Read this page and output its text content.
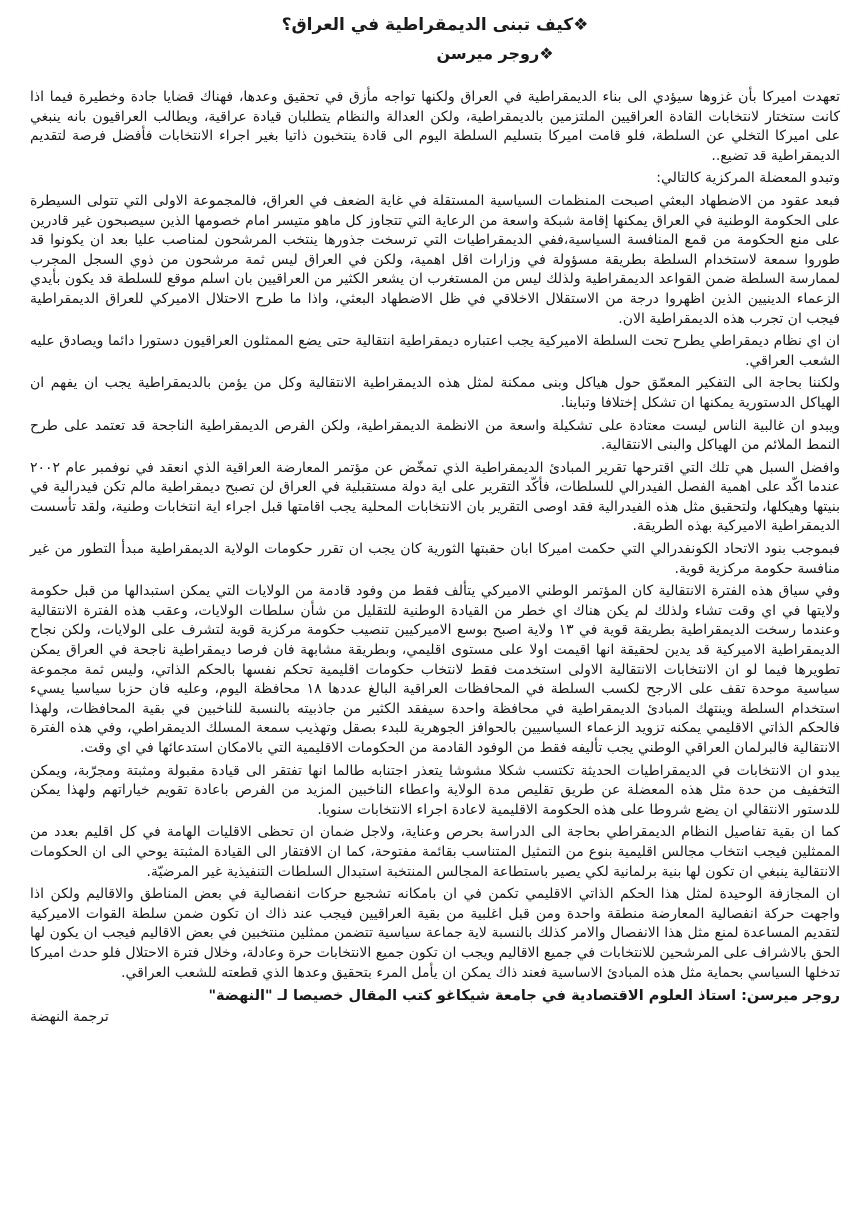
❖كيف تبنى الديمقراطية في العراق؟

❖روجر ميرسن

تعهدت اميركا بأن غزوها سيؤدي الى بناء الديمقراطية في العراق ولكنها تواجه مأزق في تحقيق وعدها، فهناك قضايا جادة وخطيرة فيما اذا كانت ستختار لانتخابات القادة العراقيين الملتزمين بالديمقراطية، ولكن العدالة والنظام يتطلبان قيادة عراقية، ويطالب العراقيون بانه ينبغي على اميركا التخلي عن السلطة، فلو قامت اميركا بتسليم السلطة اليوم الى قادة ينتخبون ذاتيا بغير اجراء الانتخابات فأفضل فرصة لتقديم الديمقراطية قد تضيع..

وتبدو المعضلة المركزية كالتالي:

فبعد عقود من الاضطهاد البعثي اصبحت المنظمات السياسية المستقلة في غاية الضعف في العراق، فالمجموعة الاولى التي تتولى السيطرة على الحكومة الوطنية في العراق يمكنها إقامة شبكة واسعة من الرعاية التي تتجاوز كل ماهو متيسر امام خصومها الذين سيصبحون غير قادرين على منع الحكومة من قمع المنافسة السياسية،ففي الديمقراطيات التي ترسخت جذورها ينتخب المرشحون لمناصب عليا بعد ان يكونوا قد طوروا سمعة لاستخدام السلطة بطريقة مسؤولة في وزارات اقل اهمية، ولكن في العراق ليس ثمة مرشحون من ذوي السجل المجرب لممارسة السلطة ضمن القواعد الديمقراطية ولذلك ليس من المستغرب ان يشعر الكثير من العراقيين بان اسلم موقع للسلطة قد يكون بأيدي الزعماء الدينيين الذين اظهروا درجة من الاستقلال الاخلاقي في ظل الاضطهاد البعثي، واذا ما طرح الاحتلال الاميركي للعراق الديمقراطية فيجب ان تجرب هذه الديمقراطية الان.

ان اي نظام ديمقراطي يطرح تحت السلطة الاميركية يجب اعتباره ديمقراطية انتقالية حتى يضع الممثلون العراقيون دستورا دائما ويصادق عليه الشعب العراقي.

ولكننا بحاجة الى التفكير المعمّق حول هياكل وبنى ممكنة لمثل هذه الديمقراطية الانتقالية وكل من يؤمن بالديمقراطية يجب ان يفهم ان الهياكل الدستورية يمكنها ان تشكل إختلافا وتباينا.

ويبدو ان غالبية الناس ليست معتادة على تشكيلة واسعة من الانظمة الديمقراطية، ولكن الفرص الديمقراطية الناجحة قد تعتمد على طرح النمط الملائم من الهياكل والبنى الانتقالية.

وافضل السبل هي تلك التي اقترحها تقرير المبادئ الديمقراطية الذي تمخّض عن مؤتمر المعارضة العراقية الذي انعقد في نوفمبر عام ٢٠٠٢ عندما اكّد على اهمية الفصل الفيدرالي للسلطات، فأكّد التقرير على اية دولة مستقبلية في العراق لن تصبح ديمقراطية مالم تكن فيدرالية في بنيتها وهيكلها، ولتحقيق مثل هذه الفيدرالية فقد اوصى التقرير بان الانتخابات المحلية يجب اقامتها قبل اجراء اية انتخابات وطنية، ولقد تأسست الديمقراطية الاميركية بهذه الطريقة.

فبموجب بنود الاتحاد الكونفدرالي التي حكمت اميركا ابان حقبتها الثورية كان يجب ان تقرر حكومات الولاية الديمقراطية مبدأ التطور من غير منافسة حكومة مركزية قوية.

وفي سياق هذه الفترة الانتقالية كان المؤتمر الوطني الاميركي يتألف فقط من وفود قادمة من الولايات التي يمكن استبدالها من قبل حكومة ولايتها في اي وقت تشاء ولذلك لم يكن هناك اي خطر من القيادة الوطنية للتقليل من شأن سلطات الولايات، وعقب هذه الفترة الانتقالية وعندما رسخت الديمقراطية بطريقة قوية في ١٣ ولاية اصبح بوسع الاميركيين تنصيب حكومة مركزية قوية لتشرف على الولايات، ولكن نجاح الديمقراطية الاميركية قد يدين لحقيقة انها اقيمت اولا على مستوى اقليمي، وبطريقة مشابهة فان فرصا ديمقراطية ناجحة في العراق يمكن تطويرها فيما لو ان الانتخابات الانتقالية الاولى استخدمت فقط لانتخاب حكومات اقليمية تحكم نفسها بالحكم الذاتي، وليس ثمة مجموعة سياسية موحدة تقف على الارجح لكسب السلطة في المحافظات العراقية البالغ عددها ١٨ محافظة اليوم، وعليه فان حزبا سياسيا يسيء استخدام السلطة وينتهك المبادئ الديمقراطية في محافظة واحدة سيفقد الكثير من جاذبيته بالنسبة للناخبين في بقية المحافظات، ولهذا فالحكم الذاتي الاقليمي يمكنه تزويد الزعماء السياسيين بالحوافز الجوهرية للبدء بصقل وتهذيب سمعة المسلك الديمقراطي، وفي هذه الفترة الانتقالية فالبرلمان العراقي الوطني يجب تأليفه فقط من الوفود القادمة من الحكومات الاقليمية التي بالامكان استدعائها في اي وقت.

يبدو ان الانتخابات في الديمقراطيات الحديثة تكتسب شكلا مشوشا يتعذر اجتنابه طالما انها تفتقر الى قيادة مقبولة ومثبتة ومجرّبة، ويمكن التخفيف من حدة مثل هذه المعضلة عن طريق تقليص مدة الولاية واعطاء الناخبين المزيد من الفرص باعادة تقويم خياراتهم ولهذا يمكن للدستور الانتقالي ان يضع شروطا على هذه الحكومة الاقليمية لاعادة اجراء الانتخابات سنويا.

كما ان بقية تفاصيل النظام الديمقراطي بحاجة الى الدراسة بحرص وعناية، ولاجل ضمان ان تحظى الاقليات الهامة في كل اقليم بعدد من الممثلين فيجب انتخاب مجالس اقليمية بنوع من التمثيل المتناسب بقائمة مفتوحة، كما ان الافتقار الى القيادة المثبتة يوحي الى ان الحكومات الانتقالية ينبغي ان تكون لها بنية برلمانية لكي يصير باستطاعة المجالس المنتخبة استبدال السلطات التنفيذية غير المرضيّة.

ان المجازفة الوحيدة لمثل هذا الحكم الذاتي الاقليمي تكمن في ان بامكانه تشجيع حركات انفصالية في بعض المناطق والاقاليم ولكن اذا واجهت حركة انفصالية المعارضة منطقة واحدة ومن قبل اغلبية من بقية العراقيين فيجب عند ذاك ان تكون ضمن سلطة القوات الاميركية لتقديم المساعدة لمنع مثل هذا الانفصال والامر كذلك بالنسبة لاية جماعة سياسية تتضمن ممثلين منتخبين في بعض الاقاليم فيجب ان يكون لها الحق بالاشراف على المرشحين للانتخابات في جميع الاقاليم ويجب ان تكون جميع الانتخابات حرة وعادلة، وخلال فترة الاحتلال فلو حدث اميركا تدخلها السياسي بحماية مثل هذه المبادئ الاساسية فعند ذاك يمكن ان يأمل المرء بتحقيق وعدها الذي قطعته للشعب العراقي.

روجر ميرسن: استاذ العلوم الاقتصادية في جامعة شيكاغو كتب المقال خصيصا لـ "النهضة"

ترجمة النهضة
